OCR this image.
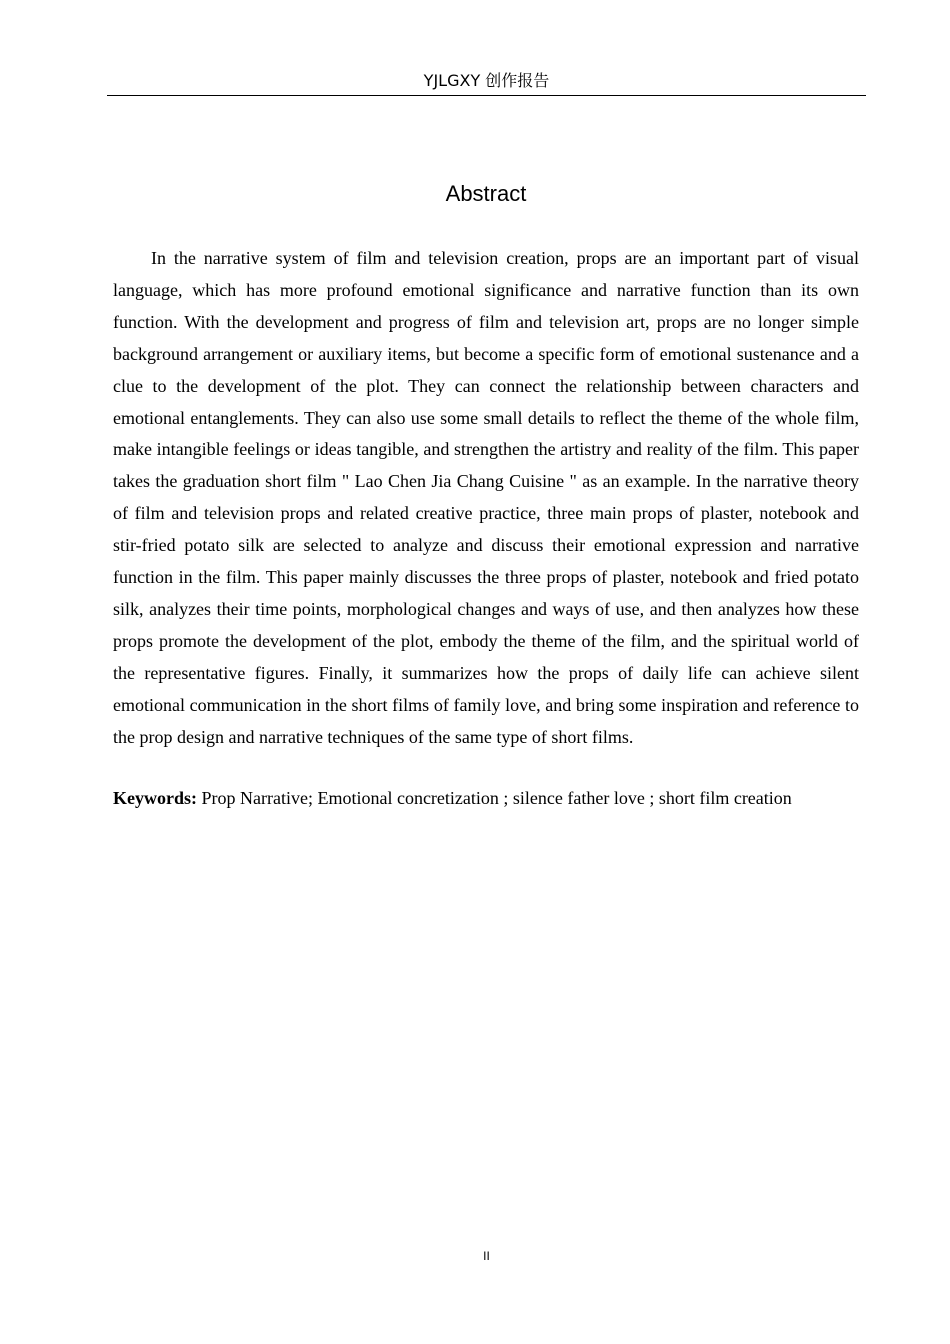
YJLGXY 创作报告
Abstract

In the narrative system of film and television creation, props are an important part of visual language, which has more profound emotional significance and narrative function than its own function. With the development and progress of film and television art, props are no longer simple background arrangement or auxiliary items, but become a specific form of emotional sustenance and a clue to the development of the plot. They can connect the relationship between characters and emotional entanglements. They can also use some small details to reflect the theme of the whole film, make intangible feelings or ideas tangible, and strengthen the artistry and reality of the film. This paper takes the graduation short film " Lao Chen Jia Chang Cuisine " as an example. In the narrative theory of film and television props and related creative practice, three main props of plaster, notebook and stir-fried potato silk are selected to analyze and discuss their emotional expression and narrative function in the film. This paper mainly discusses the three props of plaster, notebook and fried potato silk, analyzes their time points, morphological changes and ways of use, and then analyzes how these props promote the development of the plot, embody the theme of the film, and the spiritual world of the representative figures. Finally, it summarizes how the props of daily life can achieve silent emotional communication in the short films of family love, and bring some inspiration and reference to the prop design and narrative techniques of the same type of short films.

Keywords: Prop Narrative; Emotional concretization ; silence father love ; short film creation

II
